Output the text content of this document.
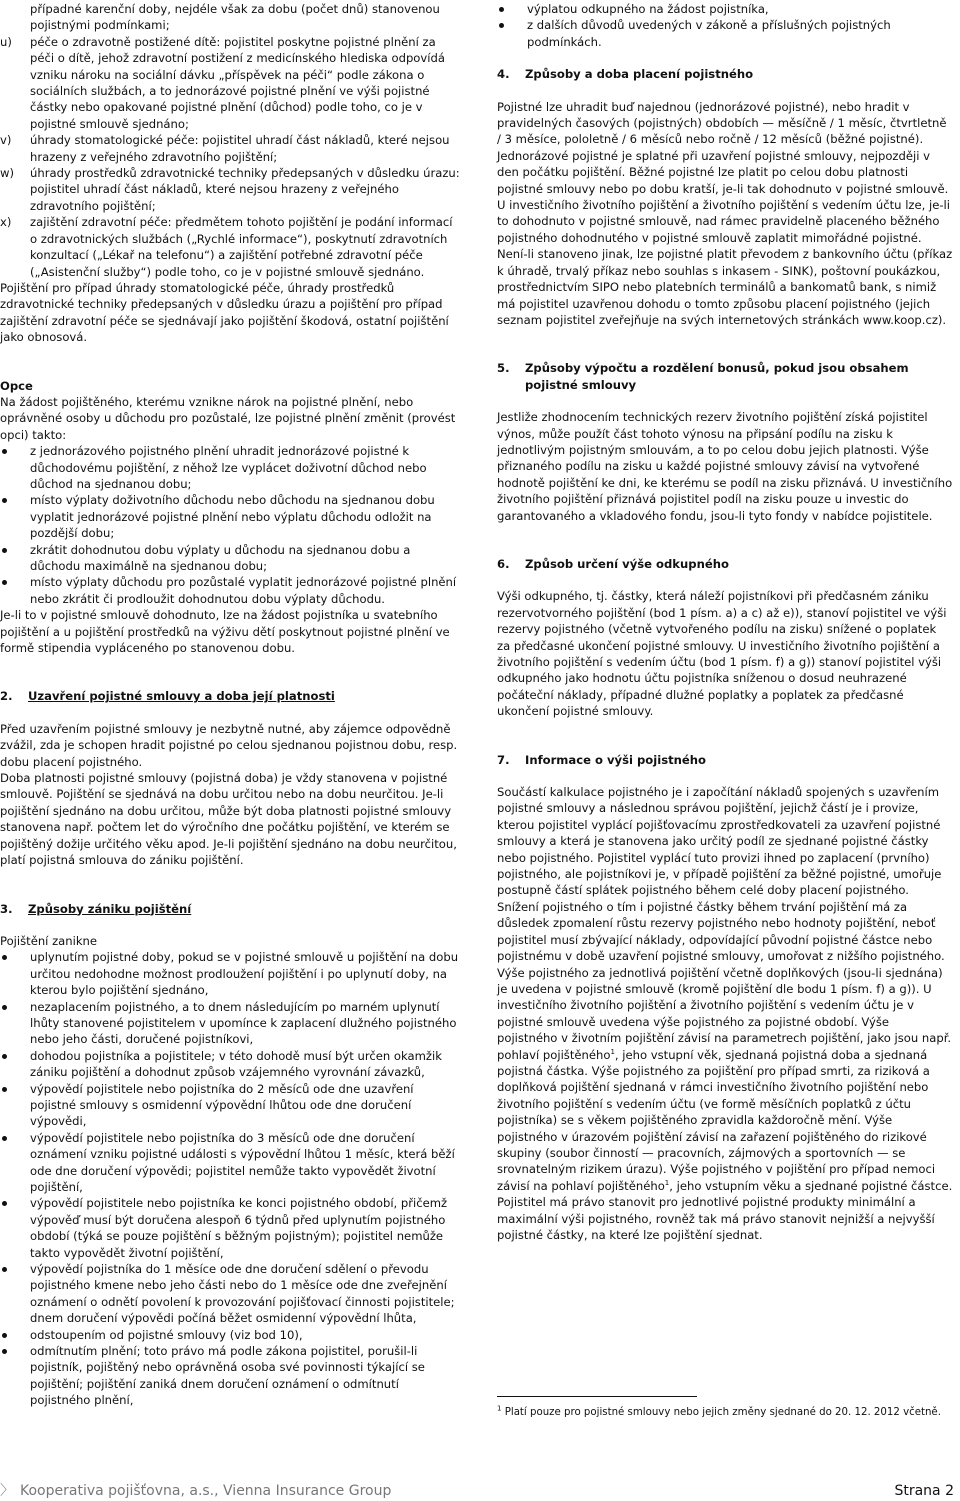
případné karenční doby, nejdéle však za dobu (počet dnů) stanovenou pojistnými podmínkami;

u) péče o zdravotně postižené dítě: pojistitel poskytne pojistné plnění za péči o dítě, jehož zdravotní postižení z medicínského hlediska odpovídá vzniku nároku na sociální dávku „příspěvek na péči“ podle zákona o sociálních službách, a to jednorázové pojistné plnění ve výši pojistné částky nebo opakované pojistné plnění (důchod) podle toho, co je v pojistné smlouvě sjednáno;

v) úhrady stomatologické péče: pojistitel uhradí část nákladů, které nejsou hrazeny z veřejného zdravotního pojištění;

w) úhrady prostředků zdravotnické techniky předepsaných v důsledku úrazu: pojistitel uhradí část nákladů, které nejsou hrazeny z veřejného zdravotního pojištění;

x) zajištění zdravotní péče: předmětem tohoto pojištění je podání informací o zdravotnických službách („Rychlé informace“), poskytnutí zdravotních konzultací („Lékař na telefonu“) a zajištění potřebné zdravotní péče („Asistenční služby“) podle toho, co je v pojistné smlouvě sjednáno.

Pojištění pro případ úhrady stomatologické péče, úhrady prostředků zdravotnické techniky předepsaných v důsledku úrazu a pojištění pro případ zajištění zdravotní péče se sjednávají jako pojištění škodová, ostatní pojištění jako obnosová.

Opce

Na žádost pojištěného, kterému vznikne nárok na pojistné plnění, nebo oprávněné osoby u důchodu pro pozůstalé, lze pojistné plnění změnit (provést opci) takto:

z jednorázového pojistného plnění uhradit jednorázové pojistné k důchodovému pojištění, z něhož lze vyplácet doživotní důchod nebo důchod na sjednanou dobu;

místo výplaty doživotního důchodu nebo důchodu na sjednanou dobu vyplatit jednorázové pojistné plnění nebo výplatu důchodu odložit na pozdější dobu;

zkrátit dohodnutou dobu výplaty u důchodu na sjednanou dobu a důchodu maximálně na sjednanou dobu;

místo výplaty důchodu pro pozůstalé vyplatit jednorázové pojistné plnění nebo zkrátit či prodloužit dohodnutou dobu výplaty důchodu.

Je-li to v pojistné smlouvě dohodnuto, lze na žádost pojistníka u svatebního pojištění a u pojištění prostředků na výživu dětí poskytnout pojistné plnění ve formě stipendia vypláceného po stanovenou dobu.

2. Uzavření pojistné smlouvy a doba její platnosti

Před uzavřením pojistné smlouvy je nezbytně nutné, aby zájemce odpovědně zvážil, zda je schopen hradit pojistné po celou sjednanou pojistnou dobu, resp. dobu placení pojistného.

Doba platnosti pojistné smlouvy (pojistná doba) je vždy stanovena v pojistné smlouvě. Pojištění se sjednává na dobu určitou nebo na dobu neurčitou. Je-li pojištění sjednáno na dobu určitou, může být doba platnosti pojistné smlouvy stanovena např. počtem let do výročního dne počátku pojištění, ve kterém se pojištěný dožije určitého věku apod. Je-li pojištění sjednáno na dobu neurčitou, platí pojistná smlouva do zániku pojištění.

3. Způsoby zániku pojištění

Pojištění zanikne

uplynutím pojistné doby, pokud se v pojistné smlouvě u pojištění na dobu určitou nedohodne možnost prodloužení pojištění i po uplynutí doby, na kterou bylo pojištění sjednáno,

nezaplacením pojistného, a to dnem následujícím po marném uplynutí lhůty stanovené pojistitelem v upomínce k zaplacení dlužného pojistného nebo jeho části, doručené pojistníkovi,

dohodou pojistníka a pojistitele; v této dohodě musí být určen okamžik zániku pojištění a dohodnut způsob vzájemného vyrovnání závazků,

výpovědí pojistitele nebo pojistníka do 2 měsíců ode dne uzavření pojistné smlouvy s osmidenní výpovědní lhůtou ode dne doručení výpovědi,

výpovědí pojistitele nebo pojistníka do 3 měsíců ode dne doručení oznámení vzniku pojistné události s výpovědní lhůtou 1 měsíc, která běží ode dne doručení výpovědi; pojistitel nemůže takto vypovědět životní pojištění,

výpovědí pojistitele nebo pojistníka ke konci pojistného období, přičemž výpověď musí být doručena alespoň 6 týdnů před uplynutím pojistného období (týká se pouze pojištění s běžným pojistným); pojistitel nemůže takto vypovědět životní pojištění,

výpovědí pojistníka do 1 měsíce ode dne doručení sdělení o převodu pojistného kmene nebo jeho části nebo do 1 měsíce ode dne zveřejnění oznámení o odnětí povolení k provozování pojišťovací činnosti pojistitele; dnem doručení výpovědi počíná běžet osmidenní výpovědní lhůta,

odstoupením od pojistné smlouvy (viz bod 10),

odmítnutím plnění; toto právo má podle zákona pojistitel, porušil-li pojistník, pojištěný nebo oprávněná osoba své povinnosti týkající se pojištění; pojištění zaniká dnem doručení oznámení o odmítnutí pojistného plnění,

výplatou odkupného na žádost pojistníka,

z dalších důvodů uvedených v zákoně a příslušných pojistných podmínkách.

4. Způsoby a doba placení pojistného

Pojistné lze uhradit buď najednou (jednorázové pojistné), nebo hradit v pravidelných časových (pojistných) obdobích — měsíčně / 1 měsíc, čtvrtletně / 3 měsíce, pololetně / 6 měsíců nebo ročně / 12 měsíců (běžné pojistné). Jednorázové pojistné je splatné při uzavření pojistné smlouvy, nejpozději v den počátku pojištění. Běžné pojistné lze platit po celou dobu platnosti pojistné smlouvy nebo po dobu kratší, je-li tak dohodnuto v pojistné smlouvě. U investičního životního pojištění a životního pojištění s vedením účtu lze, je-li to dohodnuto v pojistné smlouvě, nad rámec pravidelně placeného běžného pojistného dohodnutého v pojistné smlouvě zaplatit mimořádné pojistné. Není-li stanoveno jinak, lze pojistné platit převodem z bankovního účtu (příkaz k úhradě, trvalý příkaz nebo souhlas s inkasem - SINK), poštovní poukázkou, prostřednictvím SIPO nebo platebních terminálů a bankomatů bank, s nimiž má pojistitel uzavřenou dohodu o tomto způsobu placení pojistného (jejich seznam pojistitel zveřejňuje na svých internetových stránkách www.koop.cz).

5. Způsoby výpočtu a rozdělení bonusů, pokud jsou obsahem pojistné smlouvy

Jestliže zhodnocením technických rezerv životního pojištění získá pojistitel výnos, může použít část tohoto výnosu na připsání podílu na zisku k jednotlivým pojistným smlouvám, a to po celou dobu jejich platnosti. Výše přiznaného podílu na zisku u každé pojistné smlouvy závisí na vytvořené hodnotě pojištění ke dni, ke kterému se podíl na zisku přiznává. U investičního životního pojištění přiznává pojistitel podíl na zisku pouze u investic do garantovaného a vkladového fondu, jsou-li tyto fondy v nabídce pojistitele.

6. Způsob určení výše odkupného

Výši odkupného, tj. částky, která náleží pojistníkovi při předčasném zániku rezervotvorného pojištění (bod 1 písm. a) a c) až e)), stanoví pojistitel ve výši rezervy pojistného (včetně vytvořeného podílu na zisku) snížené o poplatek za předčasné ukončení pojistné smlouvy. U investičního životního pojištění a životního pojištění s vedením účtu (bod 1 písm. f) a g)) stanoví pojistitel výši odkupného jako hodnotu účtu pojistníka sníženou o dosud neuhrazené počáteční náklady, případné dlužné poplatky a poplatek za předčasné ukončení pojistné smlouvy.

7. Informace o výši pojistného

Součástí kalkulace pojistného je i započítání nákladů spojených s uzavřením pojistné smlouvy a následnou správou pojištění, jejichž částí je i provize, kterou pojistitel vyplácí pojišťovacímu zprostředkovateli za uzavření pojistné smlouvy a která je stanovena jako určitý podíl ze sjednané pojistné částky nebo pojistného. Pojistitel vyplácí tuto provizi ihned po zaplacení (prvního) pojistného, ale pojistníkovi je, v případě pojištění za běžné pojistné, umořuje postupně částí splátek pojistného během celé doby placení pojistného.

Snížení pojistného o tím i pojistné částky během trvání pojištění má za důsledek zpomalení růstu rezervy pojistného nebo hodnoty pojištění, neboť pojistitel musí zbývající náklady, odpovídající původní pojistné částce nebo pojistnému v době uzavření pojistné smlouvy, umořovat z nižšího pojistného.

Výše pojistného za jednotlivá pojištění včetně doplňkových (jsou-li sjednána) je uvedena v pojistné smlouvě (kromě pojištění dle bodu 1 písm. f) a g)). U investičního životního pojištění a životního pojištění s vedením účtu je v pojistné smlouvě uvedena výše pojistného za pojistné období. Výše pojistného v životním pojištění závisí na parametrech pojištění, jako jsou např. pohlaví pojištěného$^1$, jeho vstupní věk, sjednaná pojistná doba a sjednaná pojistná částka. Výše pojistného za pojištění pro případ smrti, za riziková a doplňková pojištění sjednaná v rámci investičního životního pojištění nebo životního pojištění s vedením účtu (ve formě měsíčních poplatků z účtu pojistníka) se s věkem pojištěného zpravidla každoročně mění. Výše pojistného v úrazovém pojištění závisí na zařazení pojištěného do rizikové skupiny (soubor činností — pracovních, zájmových a sportovních — se srovnatelným rizikem úrazu). Výše pojistného v pojištění pro případ nemoci závisí na pohlaví pojištěného$^1$, jeho vstupním věku a sjednané pojistné částce. Pojistitel má právo stanovit pro jednotlivé pojistné produkty minimální a maximální výši pojistného, rovněž tak má právo stanovit nejnižší a nejvyšší pojistné částky, na které lze pojištění sjednat.

$^1$ Platí pouze pro pojistné smlouvy nebo jejich změny sjednané do 20. 12. 2012 včetně.

〉 Kooperativa pojišťovna, a.s., Vienna Insurance Group	Strana 2
